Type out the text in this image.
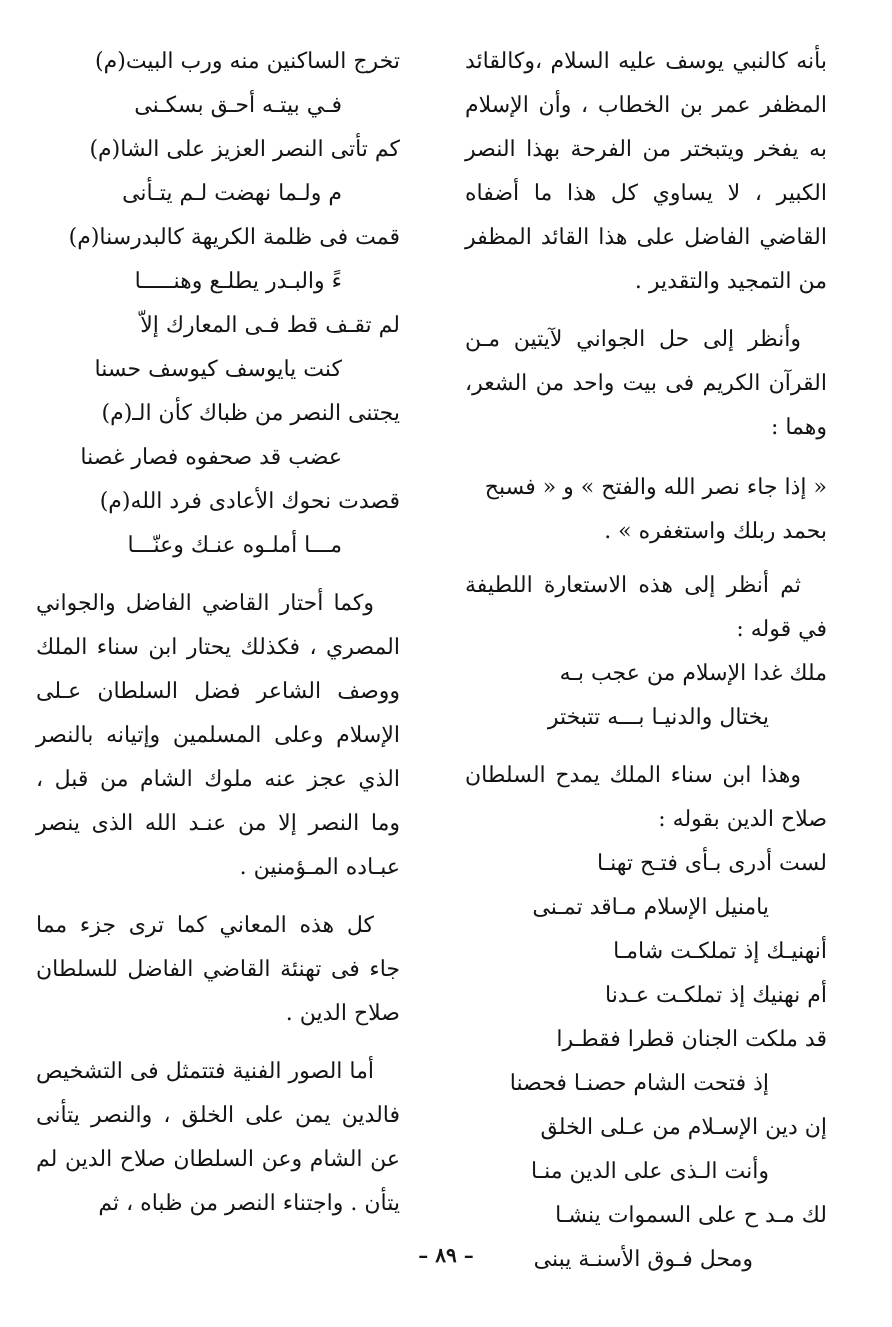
بأنه كالنبي يوسف عليه السلام ،وكالقائد المظفر عمر بن الخطاب ، وأن الإسلام به يفخر ويتبختر من الفرحة بهذا النصر الكبير ، لا يساوي كل هذا ما أضفاه القاضي الفاضل على هذا القائد المظفر من التمجيد والتقدير .

وأنظر إلى حل الجواني لآيتين مـن القرآن الكريم فى بيت واحد من الشعر، وهما :

« إذا جاء نصر الله والفتح » و « فسبح بحمد ربلك واستغفره » .

ثم أنظر إلى هذه الاستعارة اللطيفة في قوله :

ملك غدا الإسلام من عجب بـه
يختال والدنيـا بـــه تتبختر

وهذا ابن سناء الملك يمدح السلطان صلاح الدين بقوله :

لست أدرى بـأى فتـح تهنـا
يامنيل الإسلام مـاقد تمـنى
أنهنيـك إذ تملكـت شامـا
أم نهنيك إذ تملكـت عـدنا
قد ملكت الجنان قطرا فقطـرا
إذ فتحت الشام حصنـا فحصنا
إن دين الإسـلام من عـلى الخلق
وأنت الـذى على الدين منـا
لك مـد ح على السموات ينشـا
ومحل فـوق الأسنـة يبنى
تخرج الساكنين منه ورب البيت(م)
فـي بيتـه أحـق بسكـنى
كم تأتى النصر العزيز على الشا(م)
م ولـما نهضت لـم يتـأنى
قمت فى ظلمة الكريهة كالبدرسنا(م)
ءً والبـدر يطلـع وهنـــــا
لم تقـف قط فـى المعارك إلاّ
كنت يايوسف كيوسف حسنا
يجتنى النصر من ظباك كأن الـ(م)
عضب قد صحفوه فصار غصنا
قصدت نحوك الأعادى فرد الله(م)
مـــا أملـوه عنـك وعنّـــا

وكما أحتار القاضي الفاضل والجواني المصري ، فكذلك يحتار ابن سناء الملك ووصف الشاعر فضل السلطان عـلى الإسلام وعلى المسلمين وإتيانه بالنصر الذي عجز عنه ملوك الشام من قبل ، وما النصر إلا من عنـد الله الذى ينصر عبـاده المـؤمنين .

كل هذه المعاني كما ترى جزء مما جاء فى تهنئة القاضي الفاضل للسلطان صلاح الدين .

أما الصور الفنية فتتمثل فى التشخيص فالدين يمن على الخلق ، والنصر يتأنى عن الشام وعن السلطان صلاح الدين لم يتأن . واجتناء النصر من ظباه ، ثم

– ٨٩ –
